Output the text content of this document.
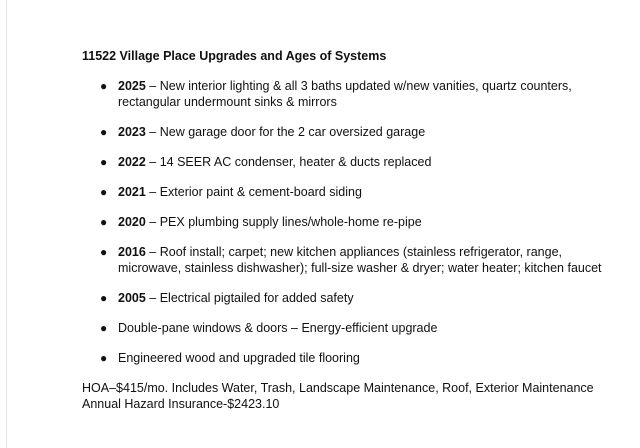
11522 Village Place Upgrades and Ages of Systems
● 2025 – New interior lighting & all 3 baths updated w/new vanities, quartz counters, rectangular undermount sinks & mirrors
● 2023 – New garage door for the 2 car oversized garage
● 2022 – 14 SEER AC condenser, heater & ducts replaced
● 2021 – Exterior paint & cement-board siding
● 2020 – PEX plumbing supply lines/whole-home re-pipe
● 2016 – Roof install; carpet; new kitchen appliances (stainless refrigerator, range, microwave, stainless dishwasher); full-size washer & dryer; water heater; kitchen faucet
● 2005 – Electrical pigtailed for added safety
● Double-pane windows & doors – Energy-efficient upgrade
● Engineered wood and upgraded tile flooring

HOA–$415/mo. Includes Water, Trash, Landscape Maintenance, Roof, Exterior Maintenance

Annual Hazard Insurance-$2423.10
